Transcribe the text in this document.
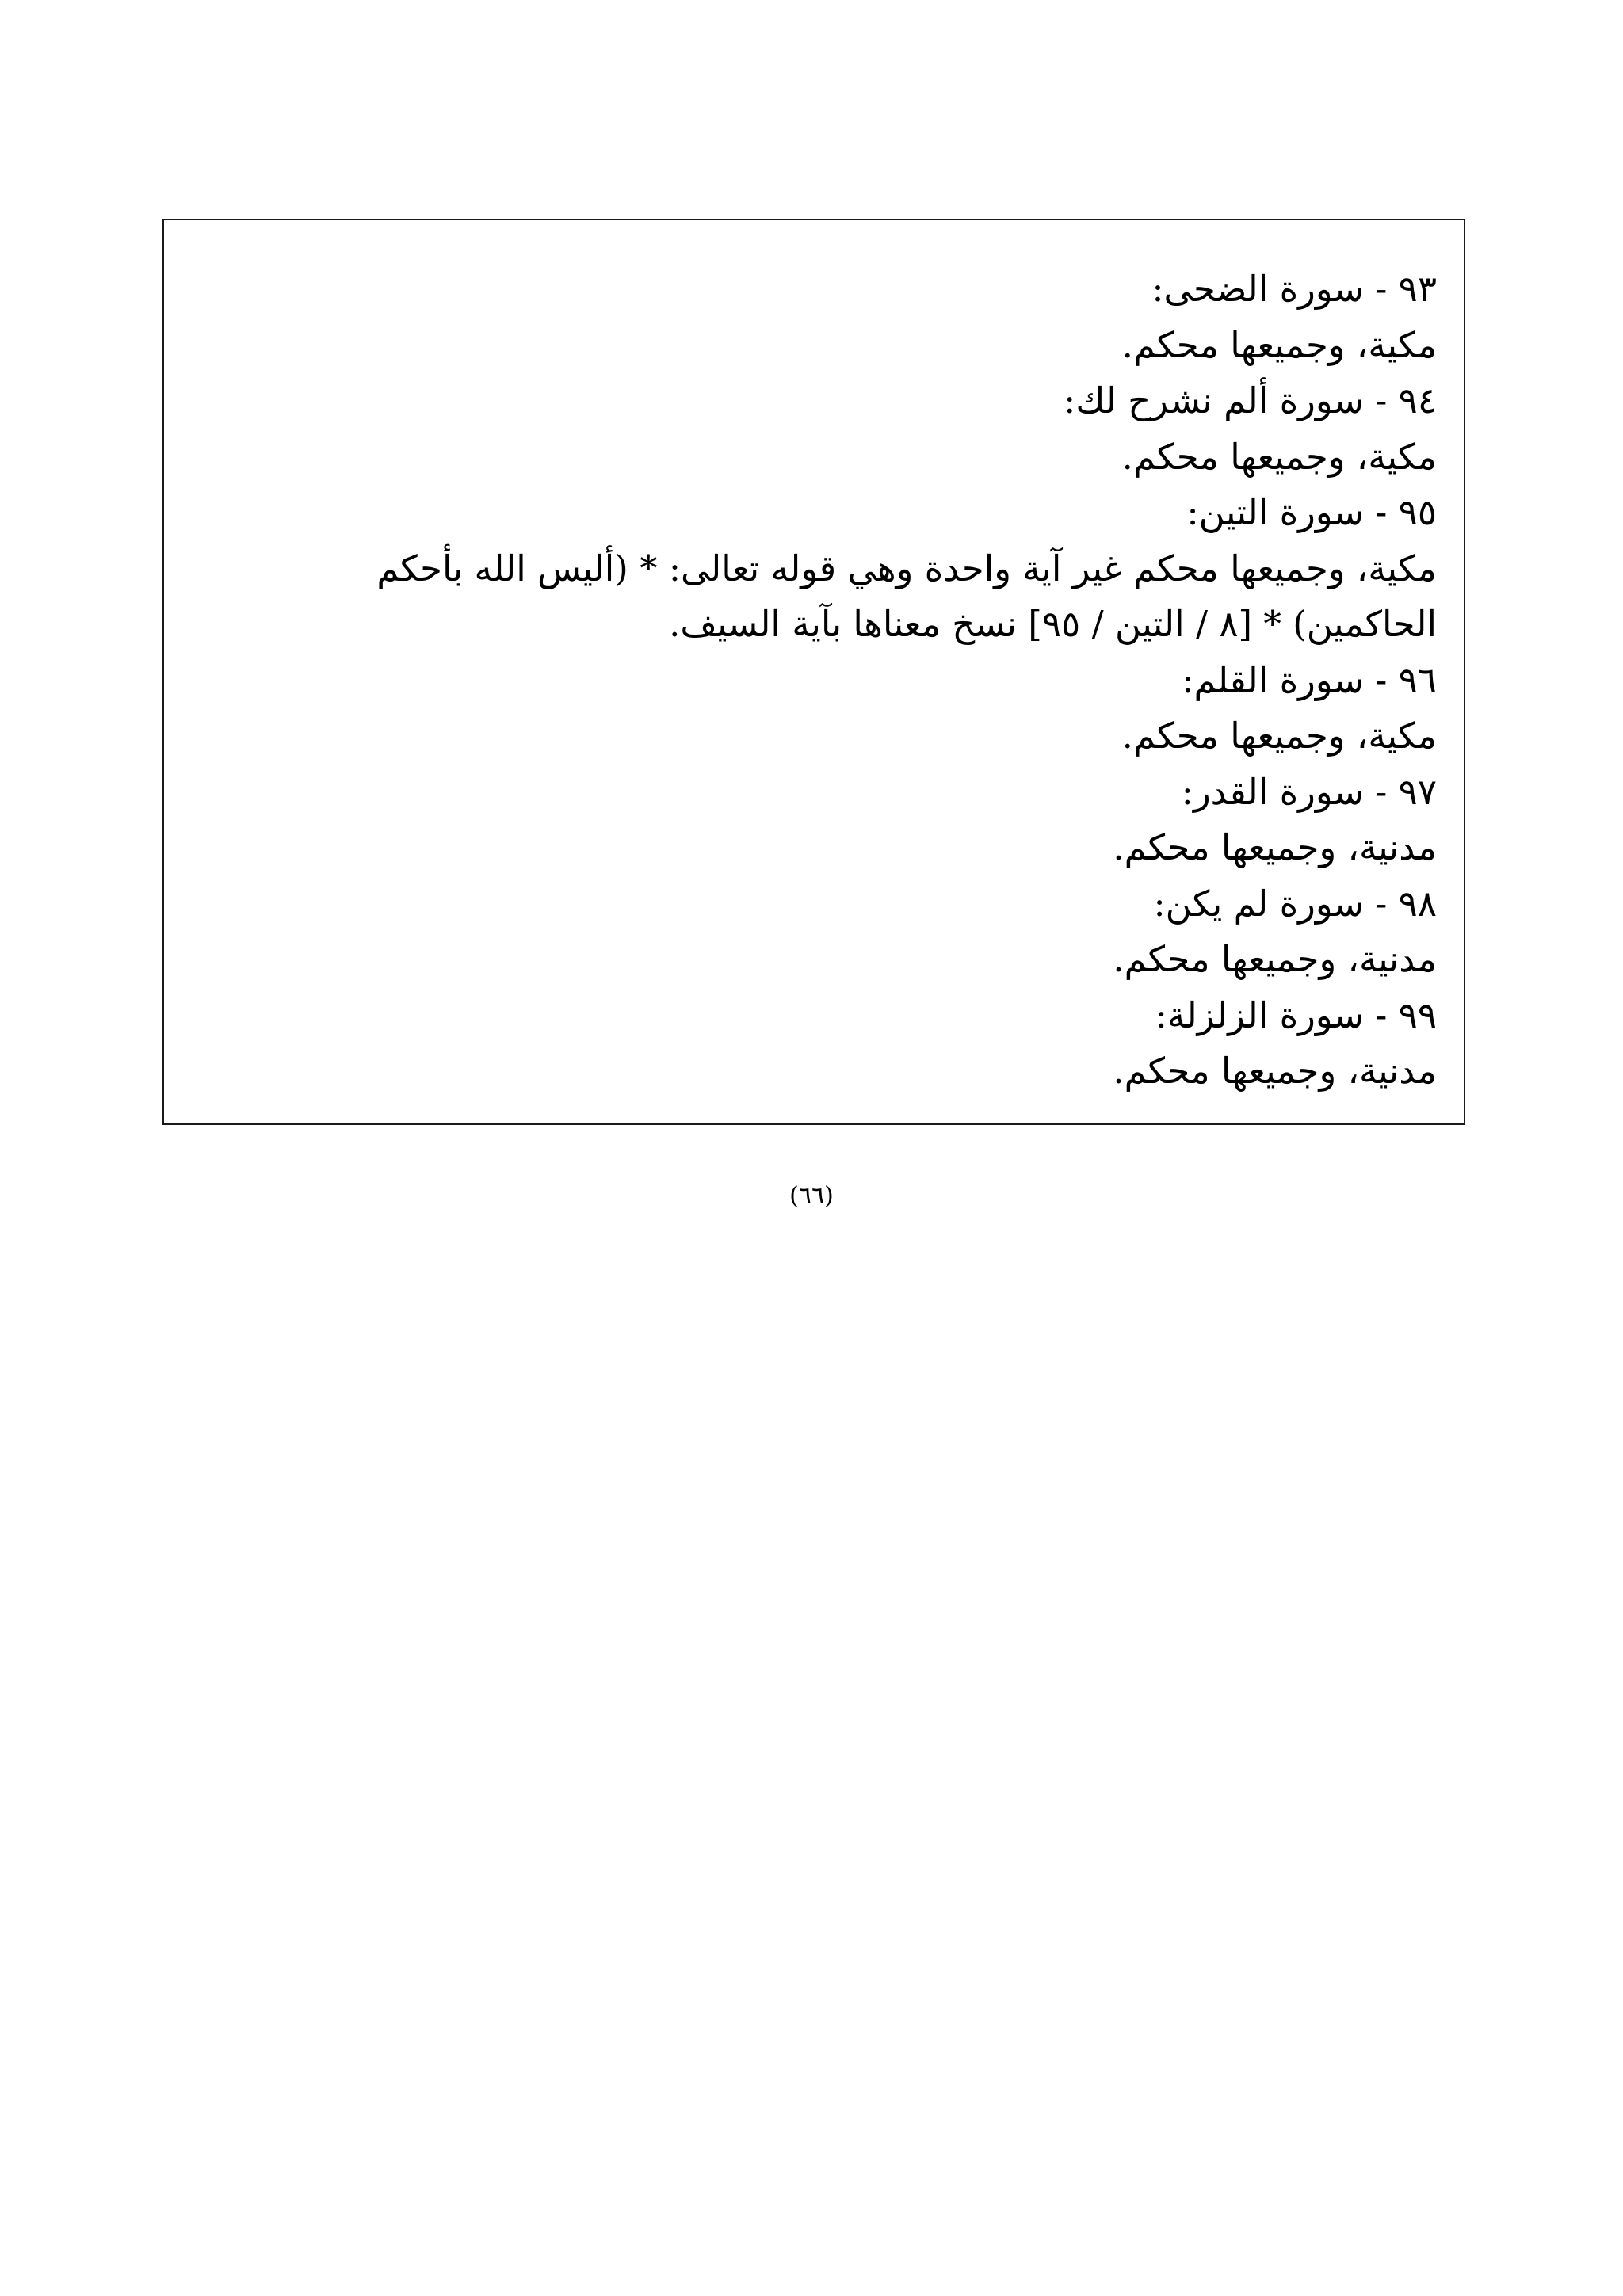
٩٣ - سورة الضحى:
مكية، وجميعها محكم.
٩٤ - سورة ألم نشرح لك:
مكية، وجميعها محكم.
٩٥ - سورة التين:
مكية، وجميعها محكم غير آية واحدة وهي قوله تعالى: * (أليس الله بأحكم الحاكمين) * [٨ / التين / ٩٥] نسخ معناها بآية السيف.
٩٦ - سورة القلم:
مكية، وجميعها محكم.
٩٧ - سورة القدر:
مدنية، وجميعها محكم.
٩٨ - سورة لم يكن:
مدنية، وجميعها محكم.
٩٩ - سورة الزلزلة:
مدنية، وجميعها محكم.
(٦٦)
